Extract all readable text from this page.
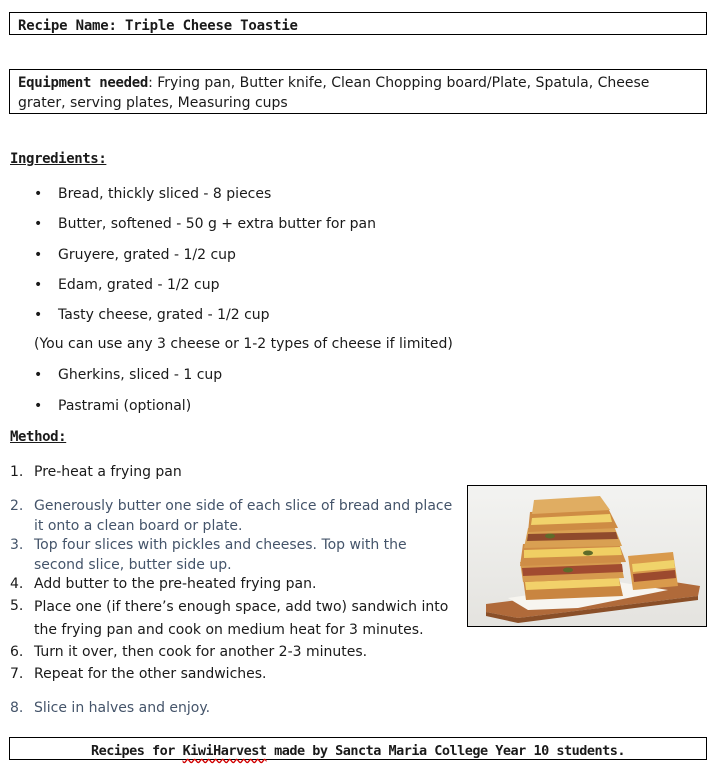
Recipe Name: Triple Cheese Toastie
Equipment needed: Frying pan, Butter knife, Clean Chopping board/Plate, Spatula, Cheese grater, serving plates, Measuring cups
Ingredients:
• Bread, thickly sliced - 8 pieces
• Butter, softened - 50 g + extra butter for pan
• Gruyere, grated - 1/2 cup
• Edam, grated - 1/2 cup
• Tasty cheese, grated - 1/2 cup
(You can use any 3 cheese or 1-2 types of cheese if limited)
• Gherkins, sliced - 1 cup
• Pastrami (optional)
Method:
1. Pre-heat a frying pan
2. Generously butter one side of each slice of bread and place it onto a clean board or plate.
3. Top four slices with pickles and cheeses. Top with the second slice, butter side up.
4. Add butter to the pre-heated frying pan.
5. Place one (if there’s enough space, add two) sandwich into the frying pan and cook on medium heat for 3 minutes.
6. Turn it over, then cook for another 2-3 minutes.
7. Repeat for the other sandwiches.
8. Slice in halves and enjoy.
Recipes for KiwiHarvest made by Sancta Maria College Year 10 students.
